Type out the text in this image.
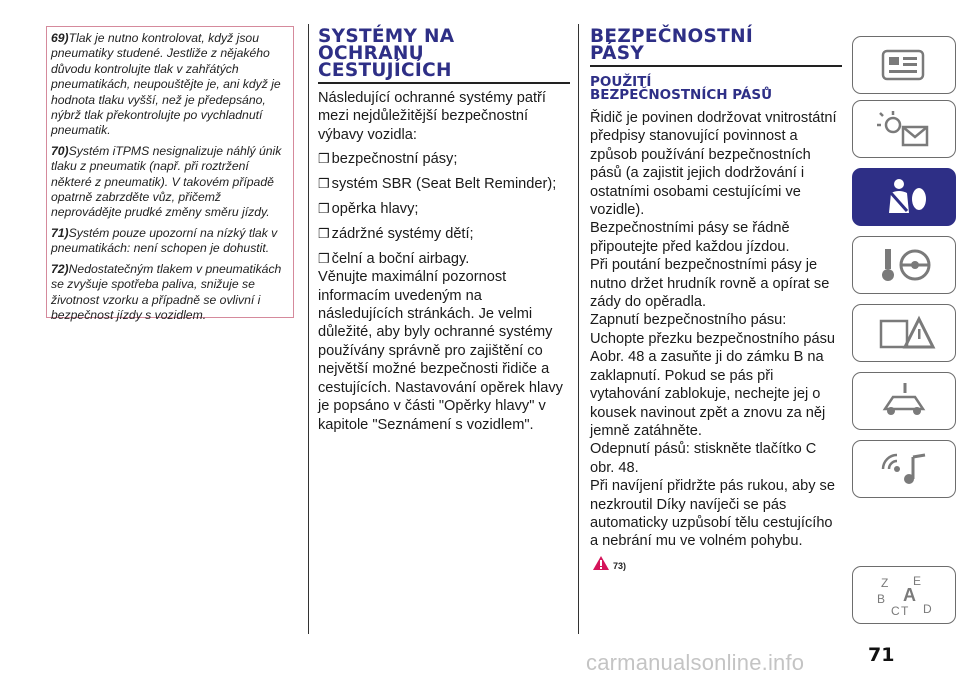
69)Tlak je nutno kontrolovat, když jsou pneumatiky studené. Jestliže z nějakého důvodu kontrolujte tlak v zahřátých pneumatikách, neupouštějte je, ani když je hodnota tlaku vyšší, než je předepsáno, nýbrž tlak překontrolujte po vychladnutí pneumatik.

70)Systém iTPMS nesignalizuje náhlý únik tlaku z pneumatik (např. při roztržení některé z pneumatik). V takovém případě opatrně zabrzděte vůz, přičemž neprovádějte prudké změny směru jízdy.

71)Systém pouze upozorní na nízký tlak v pneumatikách: není schopen je dohustit.

72)Nedostatečným tlakem v pneumatikách se zvyšuje spotřeba paliva, snižuje se životnost vzorku a případně se ovlivní i bezpečnost jízdy s vozidlem.

SYSTÉMY NA
OCHRANU
CESTUJÍCÍCH

Následující ochranné systémy patří mezi nejdůležitější bezpečnostní výbavy vozidla:

❒ bezpečnostní pásy;
❒ systém SBR (Seat Belt Reminder);
❒ opěrka hlavy;
❒ zádržné systémy dětí;
❒ čelní a boční airbagy.

Věnujte maximální pozornost informacím uvedeným na následujících stránkách. Je velmi důležité, aby byly ochranné systémy používány správně pro zajištění co největší možné bezpečnosti řidiče a cestujících. Nastavování opěrek hlavy je popsáno v části "Opěrky hlavy" v kapitole "Seznámení s vozidlem".

BEZPEČNOSTNÍ
PÁSY
POUŽITÍ
BEZPEČNOSTNÍCH PÁSŮ

Řidič je povinen dodržovat vnitrostátní předpisy stanovující povinnost a způsob používání bezpečnostních pásů (a zajistit jejich dodržování i ostatními osobami cestujícími ve vozidle).

Bezpečnostními pásy se řádně připoutejte před každou jízdou.

Při poutání bezpečnostními pásy je nutno držet hrudník rovně a opírat se zády do opěradla.

Zapnutí bezpečnostního pásu: Uchopte přezku bezpečnostního pásu Aobr. 48 a zasuňte ji do zámku B na zaklapnutí. Pokud se pás při vytahování zablokuje, nechejte jej o kousek navinout zpět a znovu za něj jemně zatáhněte.

Odepnutí pásů: stiskněte tlačítko C obr. 48.

Při navíjení přidržte pás rukou, aby se nezkroutil Díky navíječi se pás automaticky uzpůsobí tělu cestujícího a nebrání mu ve volném pohybu.

73)
Z E
B A
C T D
71
carmanualsonline.info
